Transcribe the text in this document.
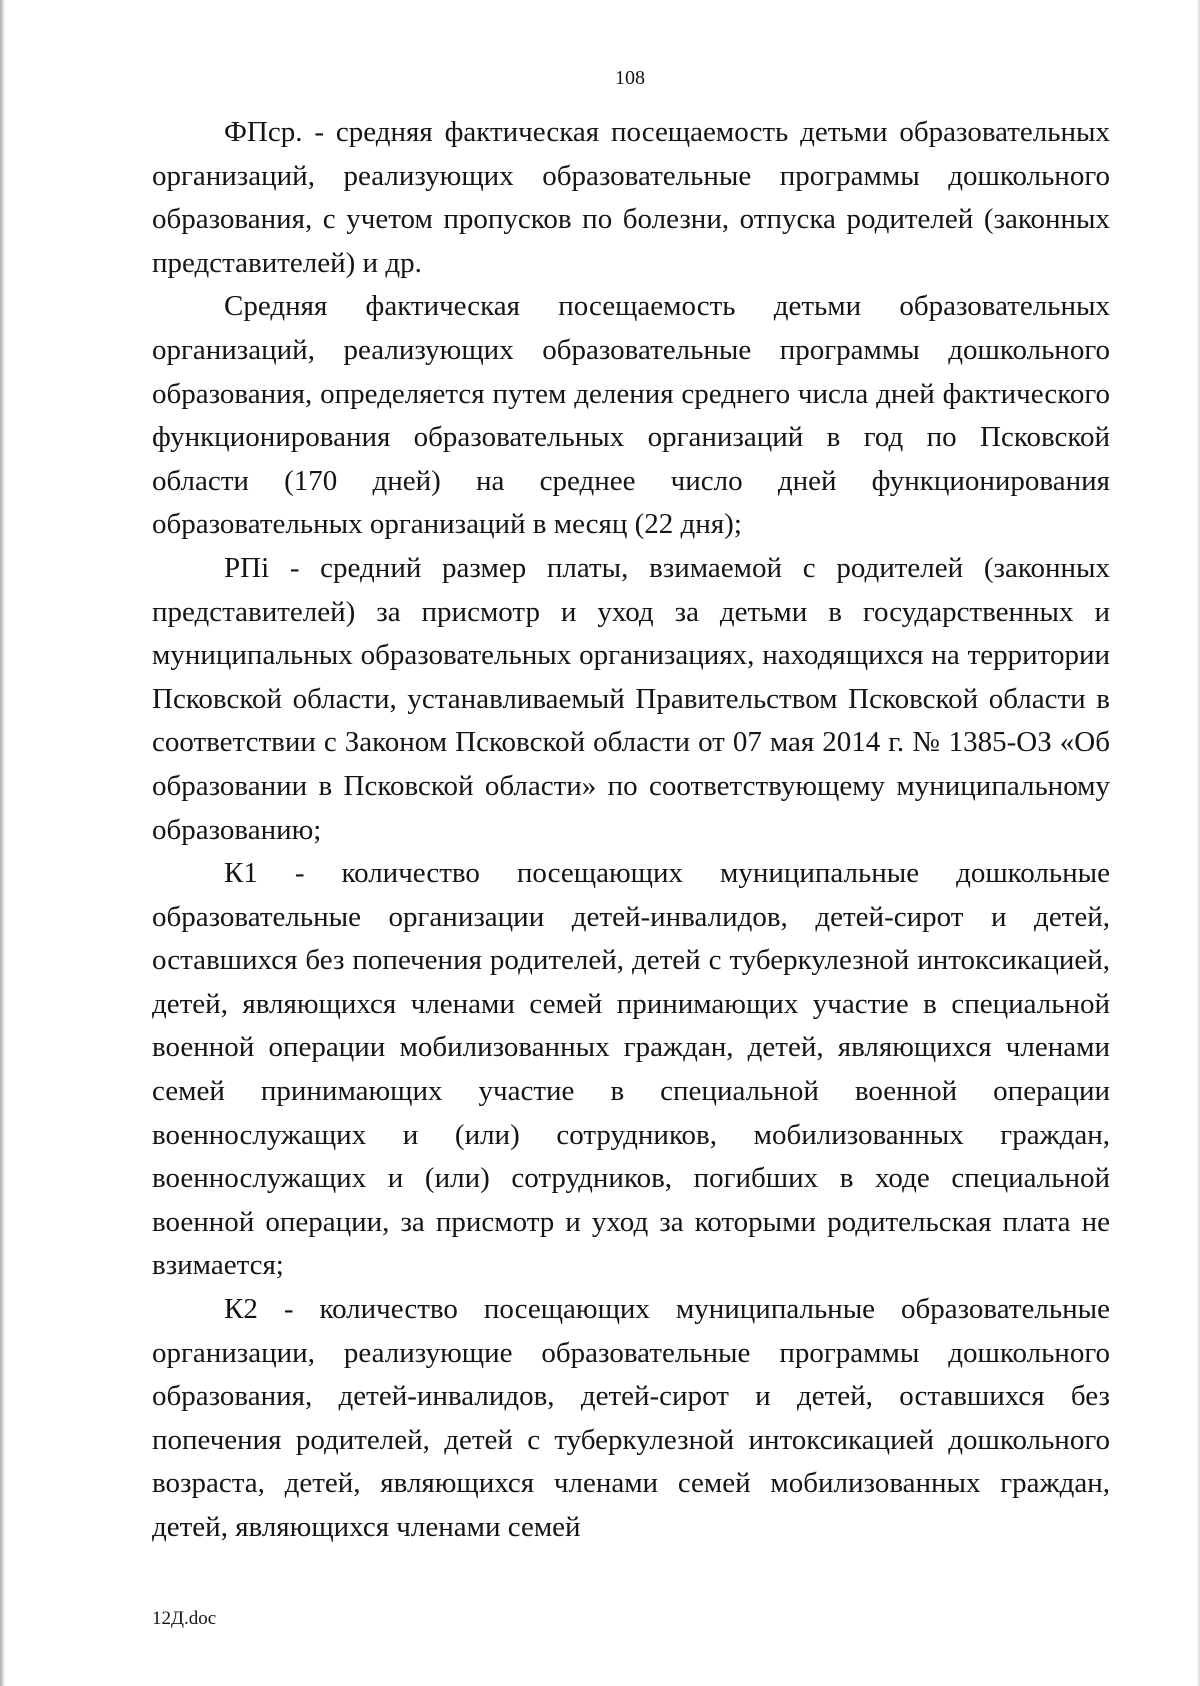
108

ФПср. - средняя фактическая посещаемость детьми образовательных организаций, реализующих образовательные программы дошкольного образования, с учетом пропусков по болезни, отпуска родителей (законных представителей) и др.

Средняя фактическая посещаемость детьми образовательных организаций, реализующих образовательные программы дошкольного образования, определяется путем деления среднего числа дней фактического функционирования образовательных организаций в год по Псковской области (170 дней) на среднее число дней функционирования образовательных организаций в месяц (22 дня);

РПi - средний размер платы, взимаемой с родителей (законных представителей) за присмотр и уход за детьми в государственных и муниципальных образовательных организациях, находящихся на территории Псковской области, устанавливаемый Правительством Псковской области в соответствии с Законом Псковской области от 07 мая 2014 г. № 1385-ОЗ «Об образовании в Псковской области» по соответствующему муниципальному образованию;

К1 - количество посещающих муниципальные дошкольные образовательные организации детей-инвалидов, детей-сирот и детей, оставшихся без попечения родителей, детей с туберкулезной интоксикацией, детей, являющихся членами семей принимающих участие в специальной военной операции мобилизованных граждан, детей, являющихся членами семей принимающих участие в специальной военной операции военнослужащих и (или) сотрудников, мобилизованных граждан, военнослужащих и (или) сотрудников, погибших в ходе специальной военной операции, за присмотр и уход за которыми родительская плата не взимается;

К2 - количество посещающих муниципальные образовательные организации, реализующие образовательные программы дошкольного образования, детей-инвалидов, детей-сирот и детей, оставшихся без попечения родителей, детей с туберкулезной интоксикацией дошкольного возраста, детей, являющихся членами семей мобилизованных граждан, детей, являющихся членами семей

12Д.doc
